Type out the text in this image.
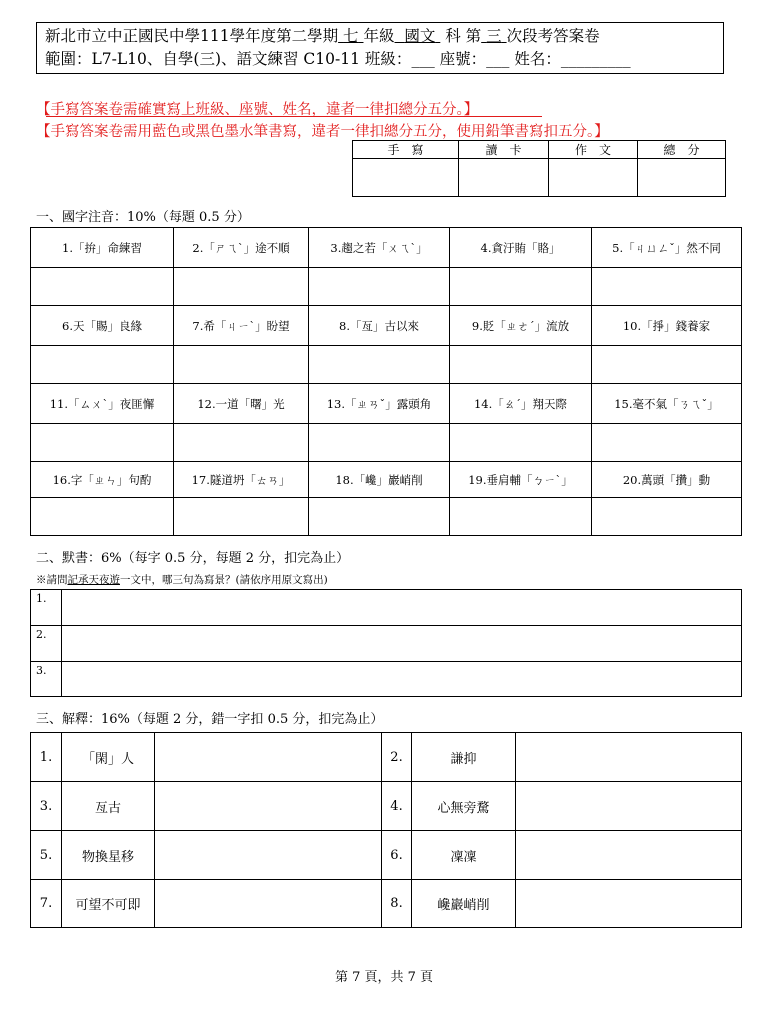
新北市立中正國民中學111學年度第二學期 七 年級 國文 科 第 三 次段考答案卷
範圍：L7-L10、自學(三)、語文練習 C10-11 班級：___ 座號：___ 姓名：_________
【手寫答案卷需確實寫上班級、座號、姓名，違者一律扣總分五分。】
【手寫答案卷需用藍色或黑色墨水筆書寫，違者一律扣總分五分，使用鉛筆書寫扣五分。】
手　寫	讀　卡	作　文	總　分

一、國字注音：10%（每題 0.5 分）
1.「拚」命練習	2.「ㄕㄟˋ」途不順	3.趨之若「ㄨㄟˋ」	4.貪汙賄「賂」	5.「ㄐㄩㄥˇ」然不同

6.天「賜」良緣	7.希「ㄐㄧˋ」盼望	8.「亙」古以來	9.貶「ㄓㄜˊ」流放	10.「掙」錢養家

11.「ㄙㄨˋ」夜匪懈	12.一道「曙」光	13.「ㄓㄢˇ」露頭角	14.「ㄠˊ」翔天際	15.毫不氣「ㄋㄟˇ」

16.字「ㄓㄣ」句酌	17.隧道坍「ㄊㄢ」	18.「巉」巖峭削	19.垂肩輔「ㄅㄧˋ」	20.萬頭「攢」動

二、默書：6%（每字 0.5 分，每題 2 分，扣完為止）
※請問記承天夜遊一文中，哪三句為寫景？(請依序用原文寫出)
1.	
2.	
3.	
三、解釋：16%（每題 2 分，錯一字扣 0.5 分，扣完為止）
1.	「閑」人		2.	謙抑	
3.	亙古		4.	心無旁騖	
5.	物換星移		6.	凜凜	
7.	可望不可即		8.	巉巖峭削	
第 7 頁，共 7 頁
